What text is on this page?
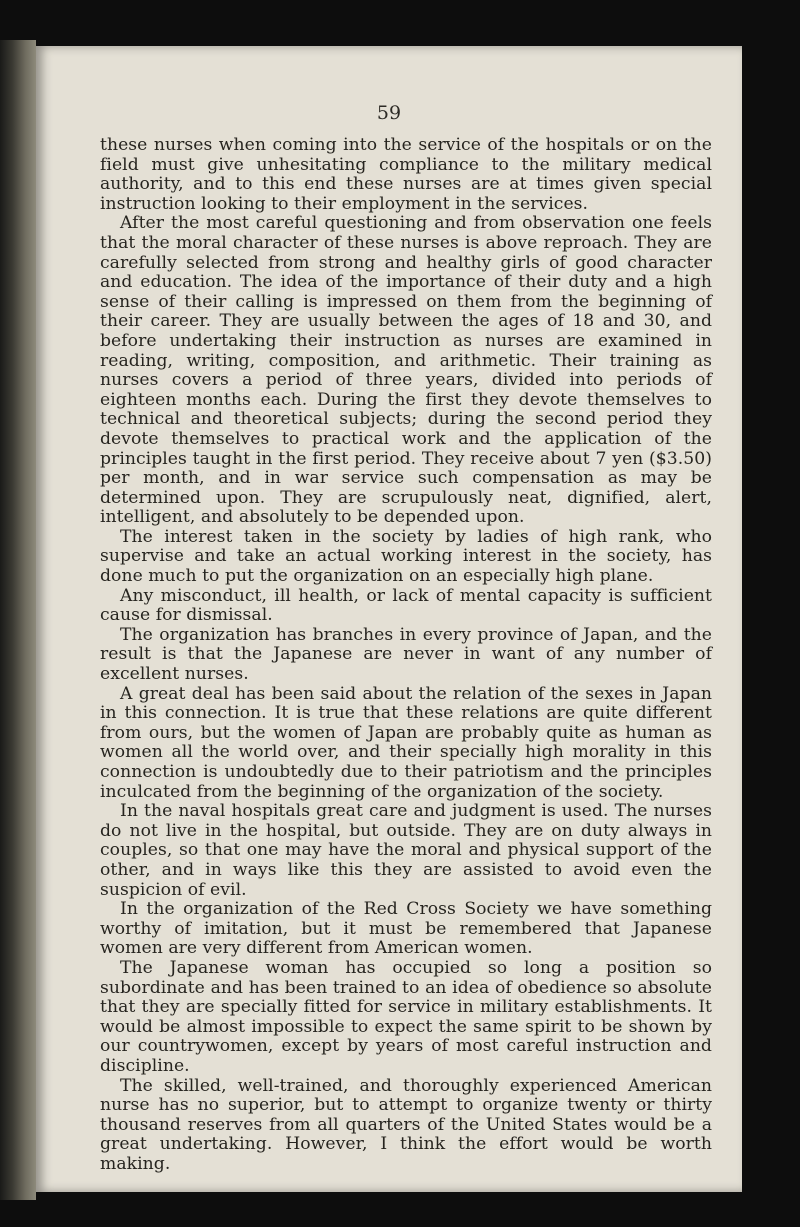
59

these nurses when coming into the service of the hospitals or on the field must give unhesitating compliance to the military medical authority, and to this end these nurses are at times given special instruction looking to their employment in the services.

After the most careful questioning and from observation one feels that the moral character of these nurses is above reproach. They are carefully selected from strong and healthy girls of good character and education. The idea of the importance of their duty and a high sense of their calling is impressed on them from the beginning of their career. They are usually between the ages of 18 and 30, and before undertaking their instruction as nurses are examined in reading, writing, composition, and arithmetic. Their training as nurses covers a period of three years, divided into periods of eighteen months each. During the first they devote themselves to technical and theoretical subjects; during the second period they devote themselves to practical work and the application of the principles taught in the first period. They receive about 7 yen ($3.50) per month, and in war service such compensation as may be determined upon. They are scrupulously neat, dignified, alert, intelligent, and absolutely to be depended upon.

The interest taken in the society by ladies of high rank, who supervise and take an actual working interest in the society, has done much to put the organization on an especially high plane.

Any misconduct, ill health, or lack of mental capacity is sufficient cause for dismissal.

The organization has branches in every province of Japan, and the result is that the Japanese are never in want of any number of excellent nurses.

A great deal has been said about the relation of the sexes in Japan in this connection. It is true that these relations are quite different from ours, but the women of Japan are probably quite as human as women all the world over, and their specially high morality in this connection is undoubtedly due to their patriotism and the principles inculcated from the beginning of the organization of the society.

In the naval hospitals great care and judgment is used. The nurses do not live in the hospital, but outside. They are on duty always in couples, so that one may have the moral and physical support of the other, and in ways like this they are assisted to avoid even the suspicion of evil.

In the organization of the Red Cross Society we have something worthy of imitation, but it must be remembered that Japanese women are very different from American women.

The Japanese woman has occupied so long a position so subordinate and has been trained to an idea of obedience so absolute that they are specially fitted for service in military establishments. It would be almost impossible to expect the same spirit to be shown by our countrywomen, except by years of most careful instruction and discipline.

The skilled, well-trained, and thoroughly experienced American nurse has no superior, but to attempt to organize twenty or thirty thousand reserves from all quarters of the United States would be a great undertaking. However, I think the effort would be worth making.
